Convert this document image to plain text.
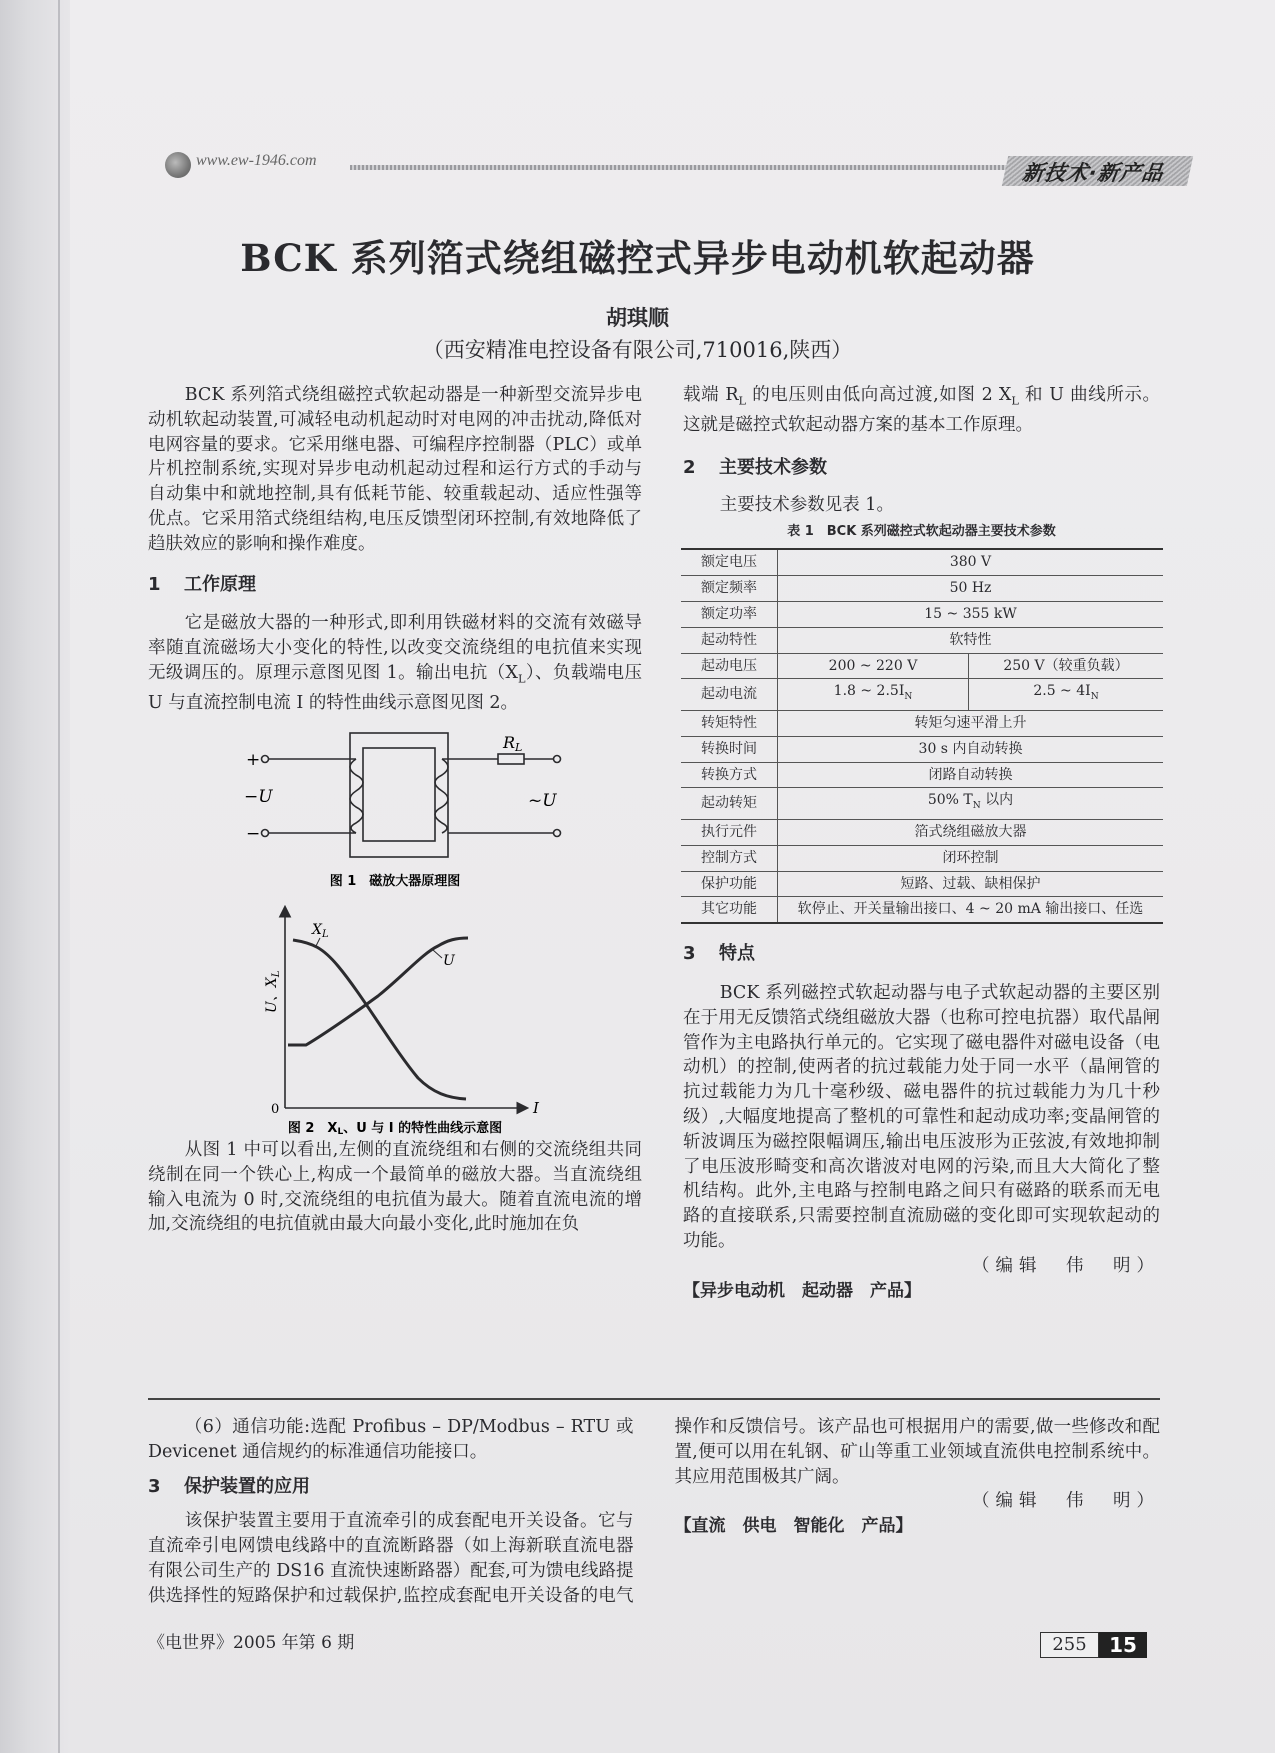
www.ew-1946.com
新技术·新产品
BCK 系列箔式绕组磁控式异步电动机软起动器
胡琪顺
（西安精准电控设备有限公司,710016,陕西）

BCK 系列箔式绕组磁控式软起动器是一种新型交流异步电动机软起动装置,可减轻电动机起动时对电网的冲击扰动,降低对电网容量的要求。它采用继电器、可编程序控制器（PLC）或单片机控制系统,实现对异步电动机起动过程和运行方式的手动与自动集中和就地控制,具有低耗节能、较重载起动、适应性强等优点。它采用箔式绕组结构,电压反馈型闭环控制,有效地降低了趋肤效应的影响和操作难度。

1 工作原理

它是磁放大器的一种形式,即利用铁磁材料的交流有效磁导率随直流磁场大小变化的特性,以改变交流绕组的电抗值来实现无级调压的。原理示意图见图 1。输出电抗$(X_L)$、负载端电压 U 与直流控制电流 I 的特性曲线示意图见图 2。

+
−
−U	~U
RL
图 1　磁放大器原理图
U、$X_L$
I
0
$X_L$
U
图 2　XL、U 与 I 的特性曲线示意图

从图 1 中可以看出,左侧的直流绕组和右侧的交流绕组共同绕制在同一个铁心上,构成一个最简单的磁放大器。当直流绕组输入电流为 0 时,交流绕组的电抗值为最大。随着直流电流的增加,交流绕组的电抗值就由最大向最小变化,此时施加在负

载端 $R_L$ 的电压则由低向高过渡,如图 2 $X_L$ 和 U 曲线所示。这就是磁控式软起动器方案的基本工作原理。

2 主要技术参数

主要技术参数见表 1。

表 1　BCK 系列磁控式软起动器主要技术参数
额定电压	380 V	
额定频率	50 Hz	
额定功率	15 ~ 355 kW	
起动特性	软特性	
起动电压	200 ~ 220 V	250 V（较重负载）
起动电流	1.8 ~ $2.5I_N$	2.5 ~ $4I_N$
转矩特性	转矩匀速平滑上升	
转换时间	30 s 内自动转换	
转换方式	闭路自动转换	
起动转矩	50% $T_N$ 以内	
执行元件	箔式绕组磁放大器	
控制方式	闭环控制	
保护功能	短路、过载、缺相保护	
其它功能	软停止、开关量输出接口、4 ~ 20 mA 输出接口、任选	
3 特点

BCK 系列磁控式软起动器与电子式软起动器的主要区别在于用无反馈箔式绕组磁放大器（也称可控电抗器）取代晶闸管作为主电路执行单元的。它实现了磁电器件对磁电设备（电动机）的控制,使两者的抗过载能力处于同一水平（晶闸管的抗过载能力为几十毫秒级、磁电器件的抗过载能力为几十秒级）,大幅度地提高了整机的可靠性和起动成功率;变晶闸管的斩波调压为磁控限幅调压,输出电压波形为正弦波,有效地抑制了电压波形畸变和高次谐波对电网的污染,而且大大简化了整机结构。此外,主电路与控制电路之间只有磁路的联系而无电路的直接联系,只需要控制直流励磁的变化即可实现软起动的功能。

（编辑　伟　明）

【异步电动机　起动器　产品】

（6）通信功能:选配 Profibus – DP/Modbus – RTU 或 Devicenet 通信规约的标准通信功能接口。

3 保护装置的应用

该保护装置主要用于直流牵引的成套配电开关设备。它与直流牵引电网馈电线路中的直流断路器（如上海新联直流电器有限公司生产的 DS16 直流快速断路器）配套,可为馈电线路提供选择性的短路保护和过载保护,监控成套配电开关设备的电气操作和反馈信号。该产品也可根据用户的需要,做一些修改和配置,便可以用在轧钢、矿山等重工业领域直流供电控制系统中。其应用范围极其广阔。

（编辑　伟　明）

【直流　供电　智能化　产品】
《电世界》2005 年第 6 期	255	15
